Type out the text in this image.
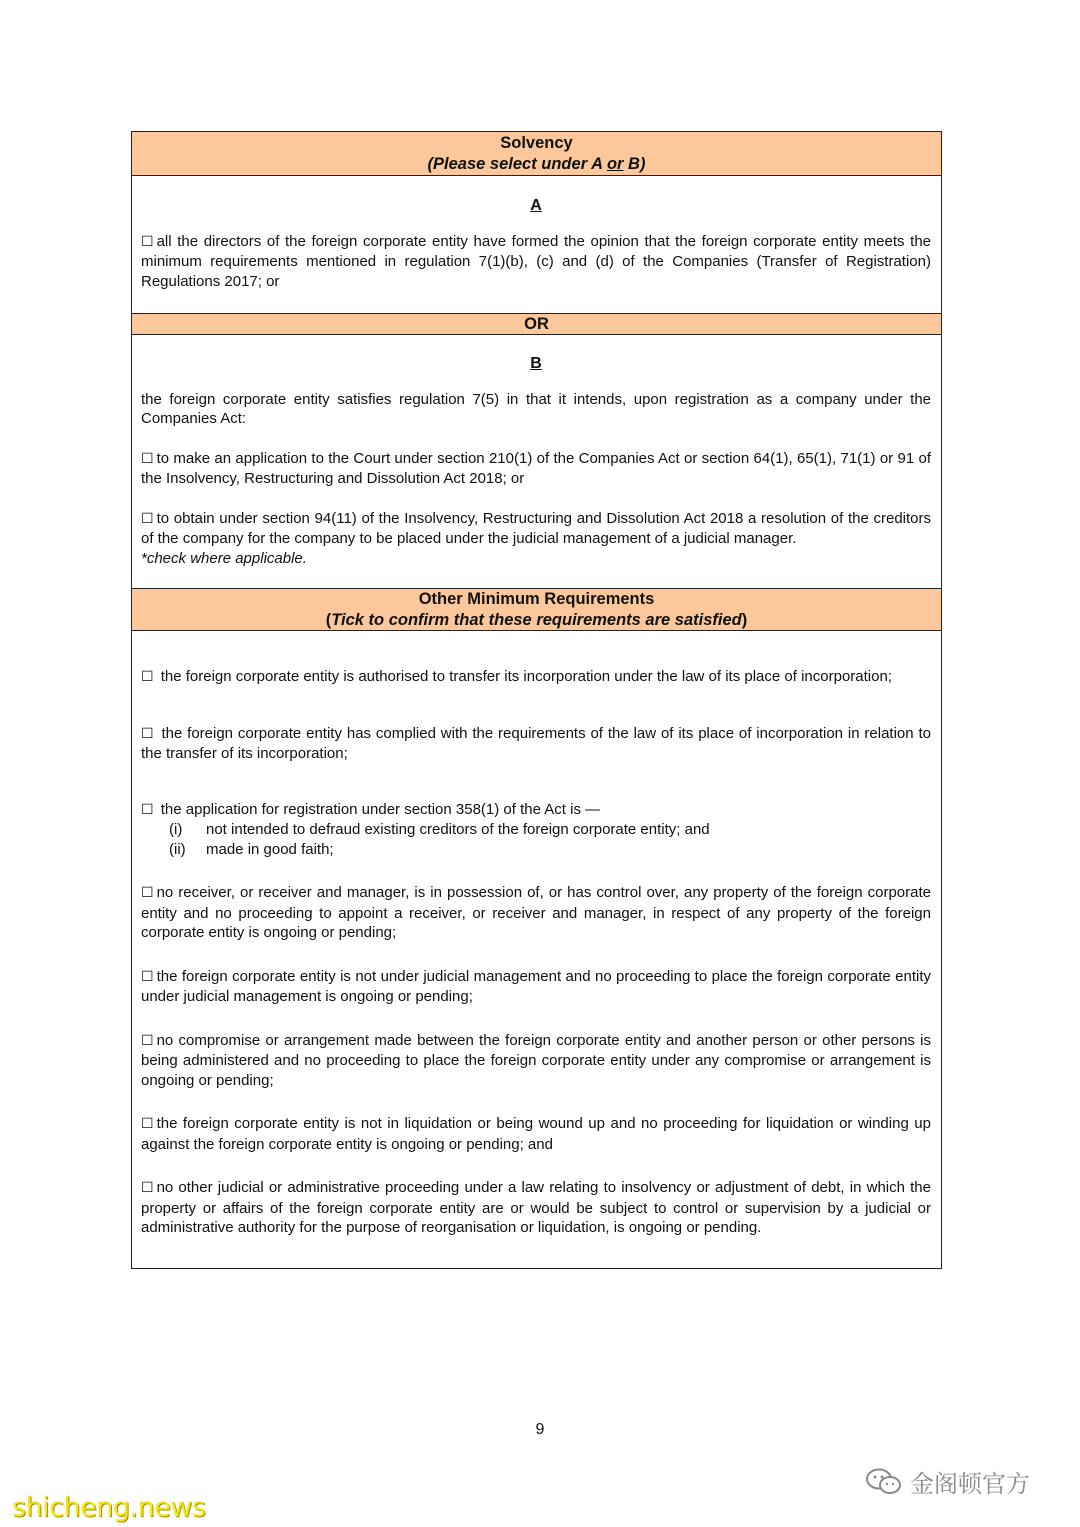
Solvency
(Please select under A or B)
A

☐ all the directors of the foreign corporate entity have formed the opinion that the foreign corporate entity meets the minimum requirements mentioned in regulation 7(1)(b), (c) and (d) of the Companies (Transfer of Registration) Regulations 2017; or

OR
B

the foreign corporate entity satisfies regulation 7(5) in that it intends, upon registration as a company under the Companies Act:

☐ to make an application to the Court under section 210(1) of the Companies Act or section 64(1), 65(1), 71(1) or 91 of the Insolvency, Restructuring and Dissolution Act 2018; or

☐ to obtain under section 94(11) of the Insolvency, Restructuring and Dissolution Act 2018 a resolution of the creditors of the company for the company to be placed under the judicial management of a judicial manager.

*check where applicable.

Other Minimum Requirements
(Tick to confirm that these requirements are satisfied)

☐ the foreign corporate entity is authorised to transfer its incorporation under the law of its place of incorporation;

☐ the foreign corporate entity has complied with the requirements of the law of its place of incorporation in relation to the transfer of its incorporation;

☐ the application for registration under section 358(1) of the Act is —

(i) not intended to defraud existing creditors of the foreign corporate entity; and
(ii) made in good faith;

☐ no receiver, or receiver and manager, is in possession of, or has control over, any property of the foreign corporate entity and no proceeding to appoint a receiver, or receiver and manager, in respect of any property of the foreign corporate entity is ongoing or pending;

☐ the foreign corporate entity is not under judicial management and no proceeding to place the foreign corporate entity under judicial management is ongoing or pending;

☐ no compromise or arrangement made between the foreign corporate entity and another person or other persons is being administered and no proceeding to place the foreign corporate entity under any compromise or arrangement is ongoing or pending;

☐ the foreign corporate entity is not in liquidation or being wound up and no proceeding for liquidation or winding up against the foreign corporate entity is ongoing or pending; and

☐ no other judicial or administrative proceeding under a law relating to insolvency or adjustment of debt, in which the property or affairs of the foreign corporate entity are or would be subject to control or supervision by a judicial or administrative authority for the purpose of reorganisation or liquidation, is ongoing or pending.

9
shicheng.news
金阁顿官方
